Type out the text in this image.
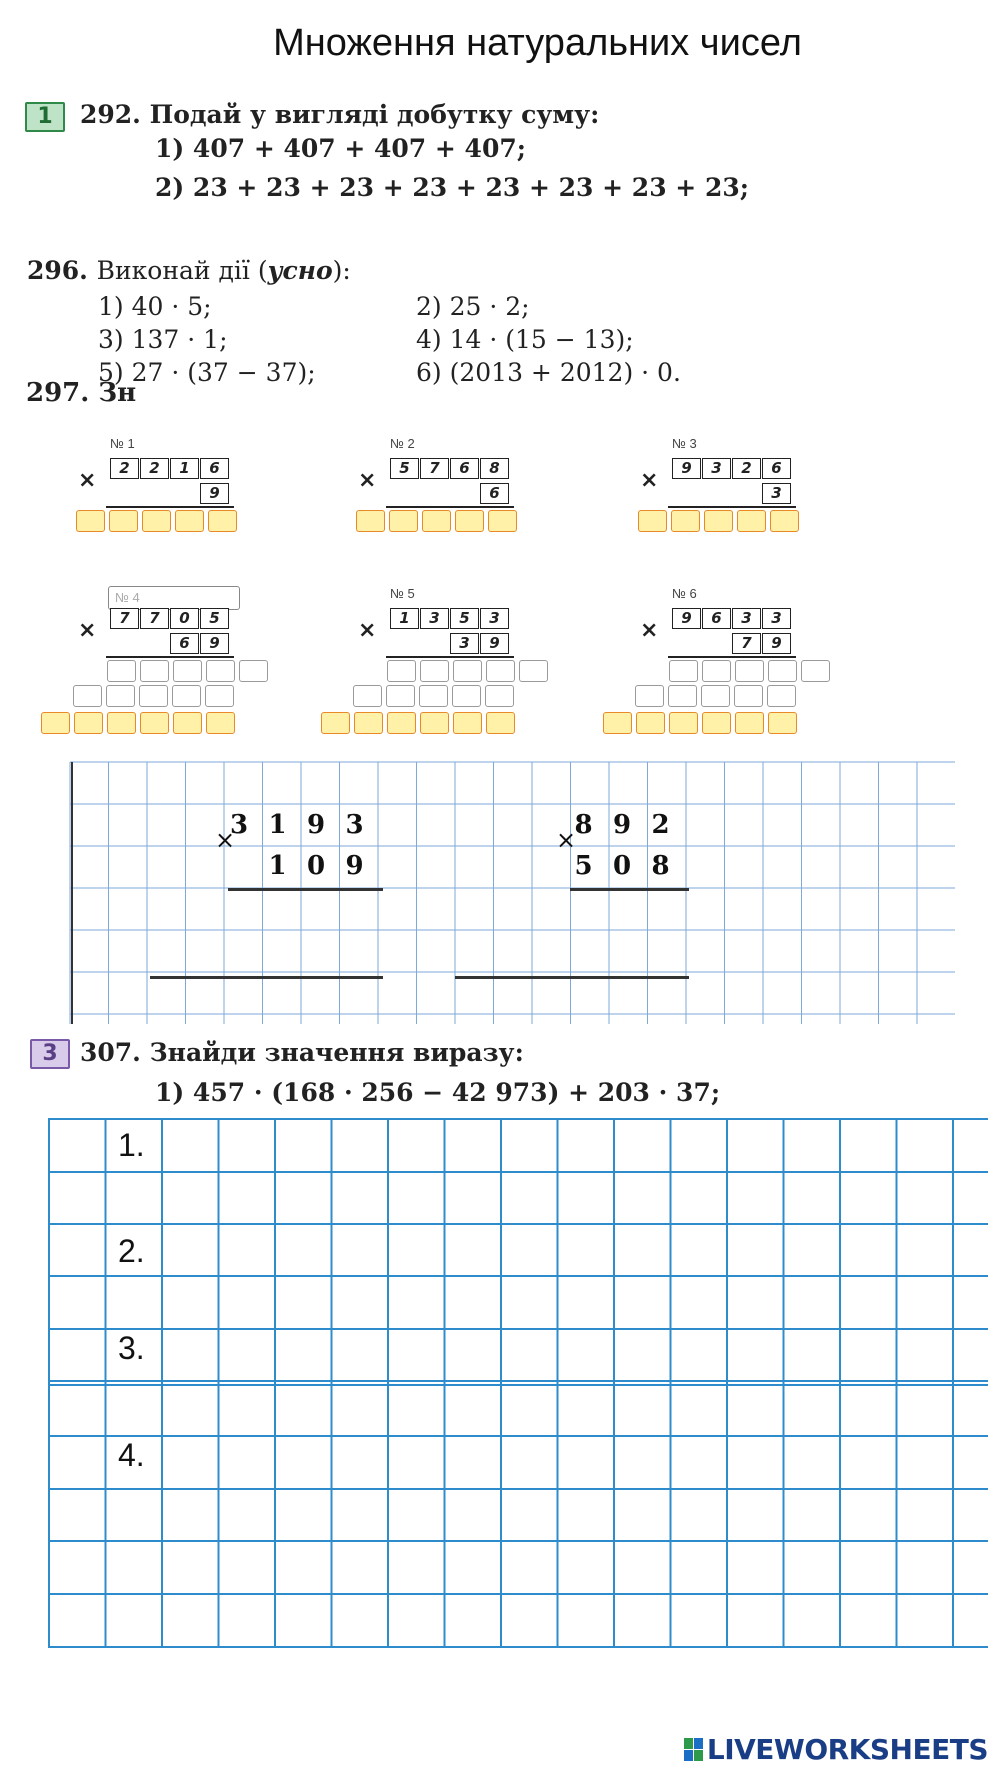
Множення натуральних чисел
1	292. Подай у вигляді добутку суму:
1) 407 + 407 + 407 + 407;
2) 23 + 23 + 23 + 23 + 23 + 23 + 23 + 23;
296. Виконай дії (усно):
1) 40 · 5;	2) 25 · 2;
3) 137 · 1;	4) 14 · (15 − 13);
5) 27 · (37 − 37);	6) (2013 + 2012) · 0.
297. Зн
№ 1
×	2	2	1	6
9
№ 2
×	5	7	6	8
6
№ 3
×	9	3	2	6
3
№ 4
×	7	7	0	5
6	9
№ 5
×	1	3	5	3
3	9
№ 6
×	9	6	3	3
7	9
3 1 9 3
1 0 9
×	8 9 2
5 0 8
×
3 307. Знайди значення виразу:
1) 457 · (168 · 256 − 42 973) + 203 · 37;
1.
2.
3.
4.
LIVEWORKSHEETS
